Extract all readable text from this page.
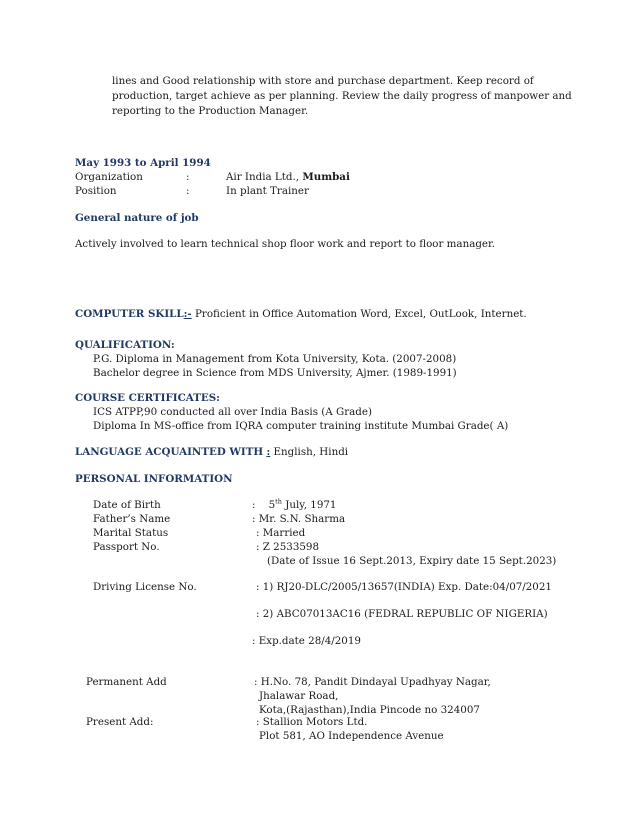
lines and Good relationship with store and purchase department. Keep record of
production, target achieve as per planning. Review the daily progress of manpower and
reporting to the Production Manager.
May 1993 to April 1994
Organization	:	Air India Ltd., Mumbai
Position	:	In plant Trainer
General nature of job
Actively involved to learn technical shop floor work and report to floor manager.
COMPUTER SKILL:- Proficient in Office Automation Word, Excel, OutLook, Internet.
QUALIFICATION:
P.G. Diploma in Management from Kota University, Kota. (2007-2008)
Bachelor degree in Science from MDS University, Ajmer. (1989-1991)
COURSE CERTIFICATES:
ICS ATPP,90 conducted all over India Basis (A Grade)
Diploma In MS-office from IQRA computer training institute Mumbai Grade( A)
LANGUAGE ACQUAINTED WITH : English, Hindi
PERSONAL INFORMATION
Date of Birth	: 5th July, 1971
Father’s Name	: Mr. S.N. Sharma
Marital Status	: Married
Passport No.	: Z 2533598
(Date of Issue 16 Sept.2013, Expiry date 15 Sept.2023)
Driving License No.	: 1) RJ20-DLC/2005/13657(INDIA) Exp. Date:04/07/2021
: 2) ABC07013AC16 (FEDRAL REPUBLIC OF NIGERIA)
: Exp.date 28/4/2019
Permanent Add	: H.No. 78, Pandit Dindayal Upadhyay Nagar,
Jhalawar Road,
Kota,(Rajasthan),India Pincode no 324007
Present Add:	: Stallion Motors Ltd.
Plot 581, AO Independence Avenue
